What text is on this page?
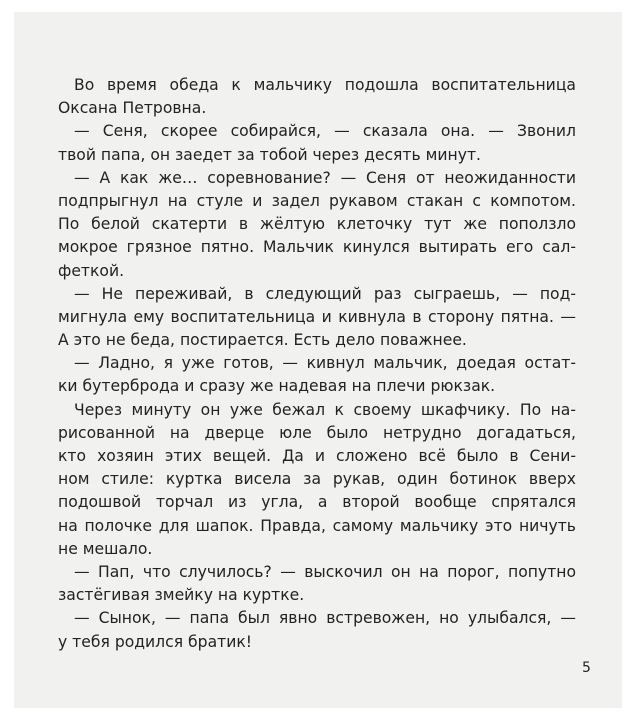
Во время обеда к мальчику подошла воспитательница
Оксана Петровна.
— Сеня, скорее собирайся, — сказала она. — Звонил
твой папа, он заедет за тобой через десять минут.
— А как же… соревнование? — Сеня от неожиданности
подпрыгнул на стуле и задел рукавом стакан с компотом.
По белой скатерти в жёлтую клеточку тут же поползло
мокрое грязное пятно. Мальчик кинулся вытирать его сал-
феткой.
— Не переживай, в следующий раз сыграешь, — под-
мигнула ему воспитательница и кивнула в сторону пятна. —
А это не беда, постирается. Есть дело поважнее.
— Ладно, я уже готов, — кивнул мальчик, доедая остат-
ки бутерброда и сразу же надевая на плечи рюкзак.
Через минуту он уже бежал к своему шкафчику. По на-
рисованной на дверце юле было нетрудно догадаться,
кто хозяин этих вещей. Да и сложено всё было в Сени-
ном стиле: куртка висела за рукав, один ботинок вверх
подошвой торчал из угла, а второй вообще спрятался
на полочке для шапок. Правда, самому мальчику это ничуть
не мешало.
— Пап, что случилось? — выскочил он на порог, попутно
застёгивая змейку на куртке.
— Сынок, — папа был явно встревожен, но улыбался, —
у тебя родился братик!
5
